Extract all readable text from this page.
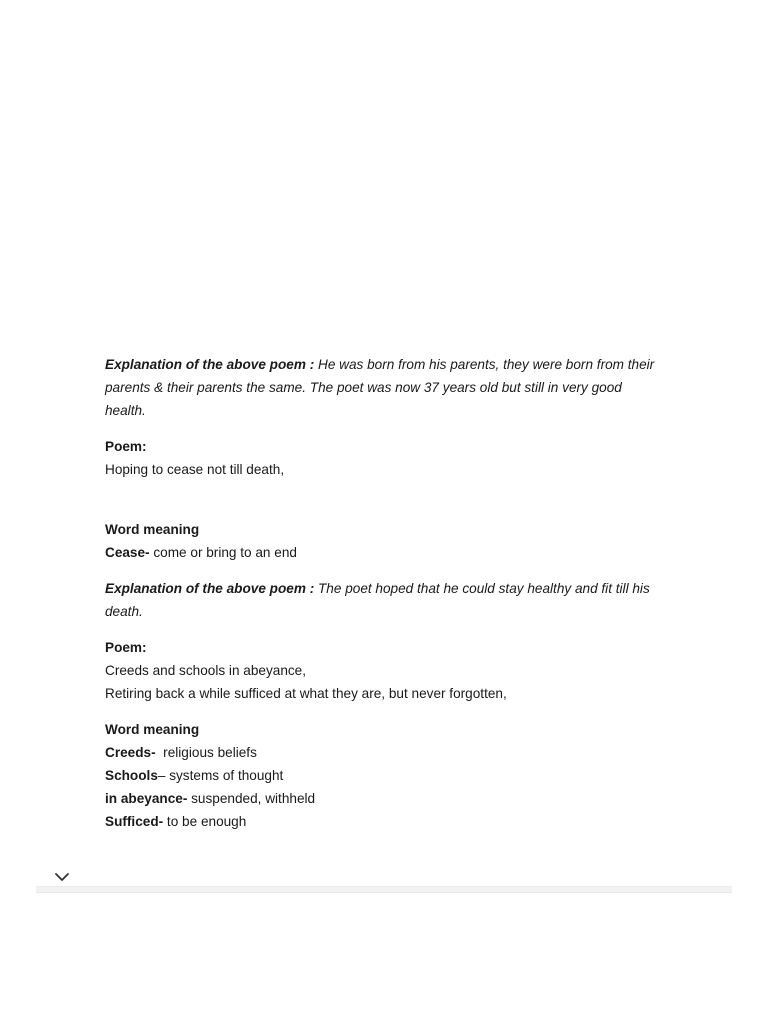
Explanation of the above poem : He was born from his parents, they were born from their parents & their parents the same. The poet was now 37 years old but still in very good health.

Poem:
Hoping to cease not till death,
Word meaning
Cease- come or bring to an end

Explanation of the above poem : The poet hoped that he could stay healthy and fit till his death.

Poem:
Creeds and schools in abeyance,
Retiring back a while sufficed at what they are, but never forgotten,
Word meaning
Creeds-  religious beliefs
Schools– systems of thought
in abeyance- suspended, withheld
Sufficed- to be enough
